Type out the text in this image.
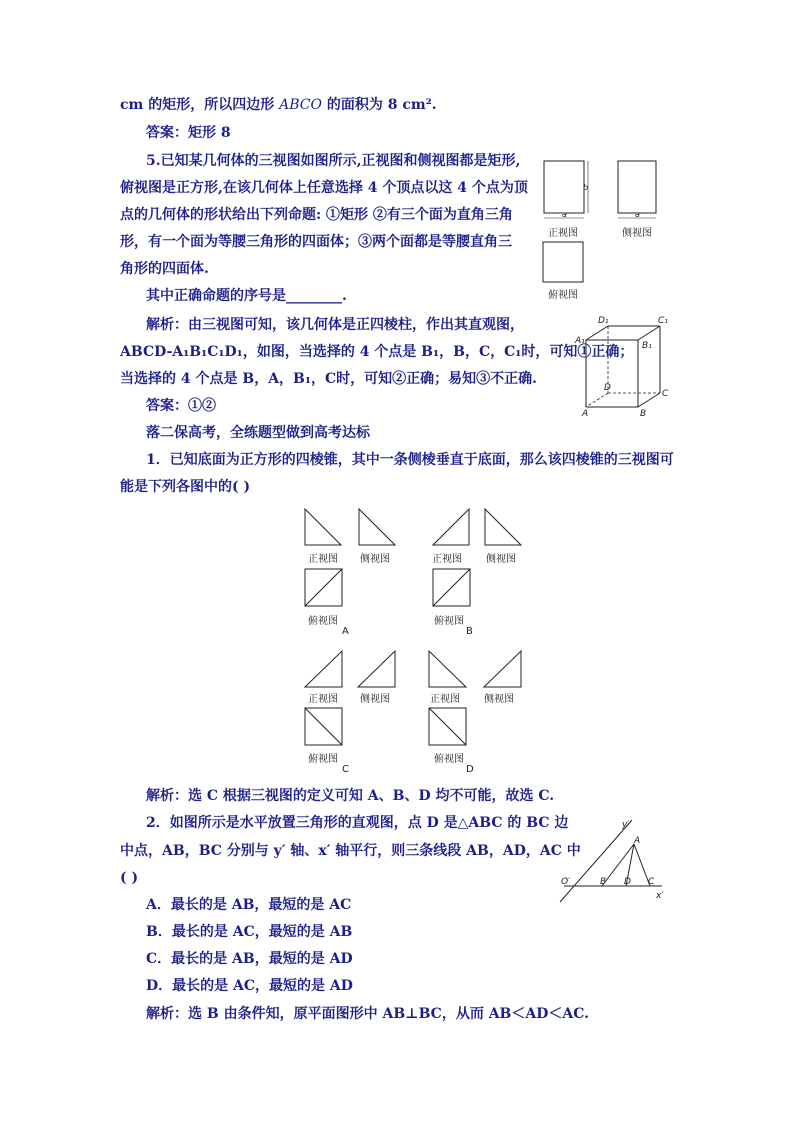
cm 的矩形，所以四边形 ABCO 的面积为 8 cm².
答案：矩形 8
5.已知某几何体的三视图如图所示,正视图和侧视图都是矩形,
俯视图是正方形,在该几何体上任意选择 4 个顶点以这 4 个点为顶
点的几何体的形状给出下列命题: ①矩形 ②有三个面为直角三角
形，有一个面为等腰三角形的四面体；③两个面都是等腰直角三
角形的四面体.
其中正确命题的序号是________.
解析：由三视图可知，该几何体是正四棱柱，作出其直观图，
ABCD-A₁B₁C₁D₁，如图，当选择的 4 个点是 B₁，B，C，C₁时，可知①正确；
当选择的 4 个点是 B，A，B₁，C时，可知②正确；易知③不正确.
答案：①②
a
b
a
正视图	侧视图
俯视图
A	B
C
D
A₁	B₁
C₁
D₁
落二保高考，全练题型做到高考达标
1．已知底面为正方形的四棱锥，其中一条侧棱垂直于底面，那么该四棱锥的三视图可
能是下列各图中的( )
正视图 侧视图
俯视图
A
正视图 侧视图
俯视图
B
正视图 侧视图
俯视图
C
正视图 侧视图
俯视图
D
解析：选 C 根据三视图的定义可知 A、B、D 均不可能，故选 C.
2．如图所示是水平放置三角形的直观图，点 D 是△ABC 的 BC 边
中点，AB，BC 分别与 y′ 轴、x′ 轴平行，则三条线段 AB，AD，AC 中
( )
A．最长的是 AB，最短的是 AC
B．最长的是 AC，最短的是 AB
C．最长的是 AB，最短的是 AD
D．最长的是 AC，最短的是 AD
解析：选 B 由条件知，原平面图形中 AB⊥BC，从而 AB＜AD＜AC.
y′
A
O′	B D C
x′
